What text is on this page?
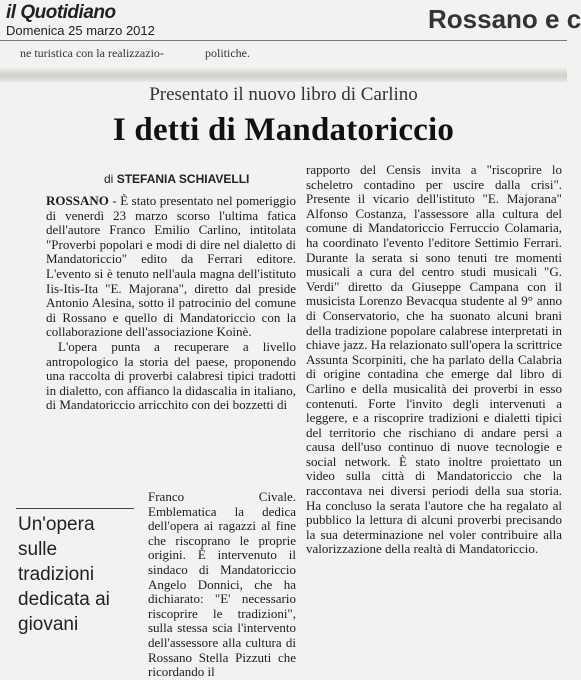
il Quotidiano
Domenica 25 marzo 2012	Rossano e c
ne turistica con la realizzazio-	politiche.
Presentato il nuovo libro di Carlino
I detti di Mandatoriccio
di STEFANIA SCHIAVELLI

ROSSANO - È stato presentato nel pomeriggio di venerdì 23 marzo scorso l'ultima fatica dell'autore Franco Emilio Carlino, intitolata "Proverbi popolari e modi di dire nel dialetto di Mandatoriccio" edito da Ferrari editore. L'evento si è tenuto nell'aula magna dell'istituto Iis-Itis-Ita "E. Majorana", diretto dal preside Antonio Alesina, sotto il patrocinio del comune di Rossano e quello di Mandatoriccio con la collaborazione dell'associazione Koinè.

L'opera punta a recuperare a livello antropologico la storia del paese, proponendo una raccolta di proverbi calabresi tipici tradotti in dialetto, con affianco la didascalia in italiano, di Mandatoriccio arricchito con dei bozzetti di

Un'opera sulle tradizioni dedicata ai giovani

Franco Civale. Emblematica la dedica dell'opera ai ragazzi al fine che riscoprano le proprie origini. È intervenuto il sindaco di Mandatoriccio Angelo Donnici, che ha dichiarato: "E' necessario riscoprire le tradizioni", sulla stessa scia l'intervento dell'assessore alla cultura di Rossano Stella Pizzuti che ricordando il

rapporto del Censis invita a "riscoprire lo scheletro contadino per uscire dalla crisi". Presente il vicario dell'istituto "E. Majorana" Alfonso Costanza, l'assessore alla cultura del comune di Mandatoriccio Ferruccio Colamaria, ha coordinato l'evento l'editore Settimio Ferrari. Durante la serata si sono tenuti tre momenti musicali a cura del centro studi musicali "G. Verdi" diretto da Giuseppe Campana con il musicista Lorenzo Bevacqua studente al 9° anno di Conservatorio, che ha suonato alcuni brani della tradizione popolare calabrese interpretati in chiave jazz. Ha relazionato sull'opera la scrittrice Assunta Scorpiniti, che ha parlato della Calabria di origine contadina che emerge dal libro di Carlino e della musicalità dei proverbi in esso contenuti. Forte l'invito degli intervenuti a leggere, e a riscoprire tradizioni e dialetti tipici del territorio che rischiano di andare persi a causa dell'uso continuo di nuove tecnologie e social network. È stato inoltre proiettato un video sulla città di Mandatoriccio che la raccontava nei diversi periodi della sua storia. Ha concluso la serata l'autore che ha regalato al pubblico la lettura di alcuni proverbi precisando la sua determinazione nel voler contribuire alla valorizzazione della realtà di Mandatoriccio.
